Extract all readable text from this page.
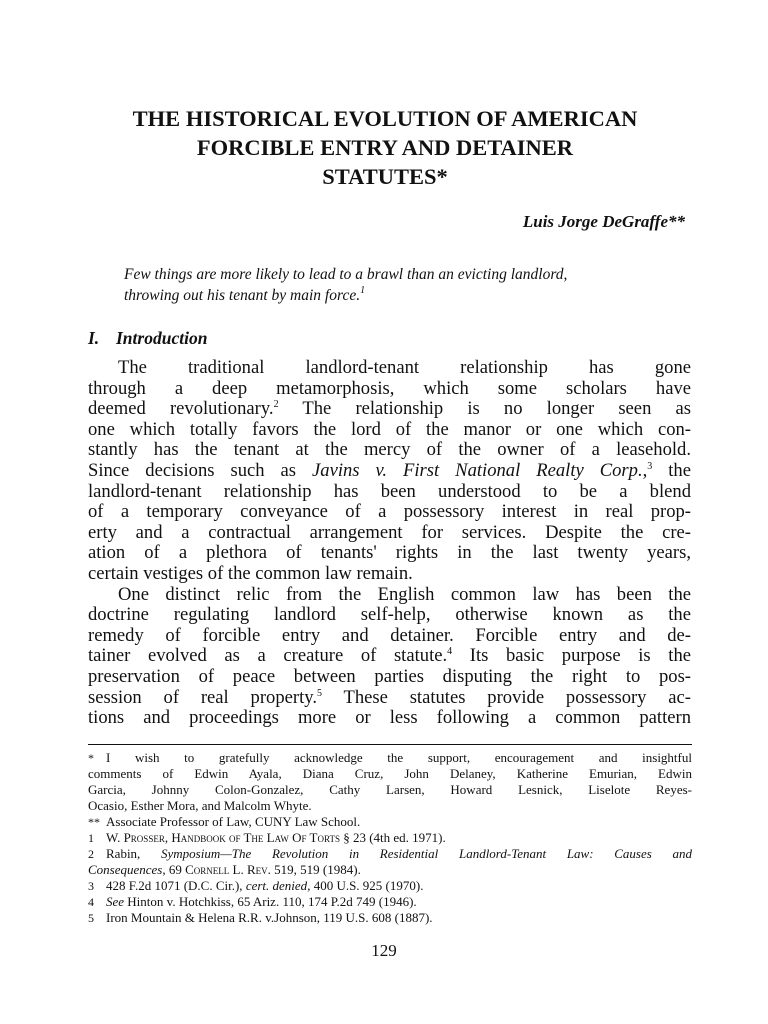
THE HISTORICAL EVOLUTION OF AMERICAN
FORCIBLE ENTRY AND DETAINER
STATUTES*
Luis Jorge DeGraffe**
Few things are more likely to lead to a brawl than an evicting landlord,
throwing out his tenant by main force.$^1$
I. Introduction
The traditional landlord-tenant relationship has gone
through a deep metamorphosis, which some scholars have
deemed revolutionary.$^2$ The relationship is no longer seen as
one which totally favors the lord of the manor or one which con-
stantly has the tenant at the mercy of the owner of a leasehold.
Since decisions such as Javins v. First National Realty Corp.,$^3$ the
landlord-tenant relationship has been understood to be a blend
of a temporary conveyance of a possessory interest in real prop-
erty and a contractual arrangement for services. Despite the cre-
ation of a plethora of tenants' rights in the last twenty years,
certain vestiges of the common law remain.
One distinct relic from the English common law has been the
doctrine regulating landlord self-help, otherwise known as the
remedy of forcible entry and detainer. Forcible entry and de-
tainer evolved as a creature of statute.$^4$ Its basic purpose is the
preservation of peace between parties disputing the right to pos-
session of real property.$^5$ These statutes provide possessory ac-
tions and proceedings more or less following a common pattern
* I wish to gratefully acknowledge the support, encouragement and insightful
comments of Edwin Ayala, Diana Cruz, John Delaney, Katherine Emurian, Edwin
Garcia, Johnny Colon-Gonzalez, Cathy Larsen, Howard Lesnick, Liselote Reyes-
Ocasio, Esther Mora, and Malcolm Whyte.
** Associate Professor of Law, CUNY Law School.
1 W. Prosser, Handbook of The Law Of Torts § 23 (4th ed. 1971).
2 Rabin, Symposium—The Revolution in Residential Landlord-Tenant Law: Causes and
Consequences, 69 Cornell L. Rev. 519, 519 (1984).
3 428 F.2d 1071 (D.C. Cir.), cert. denied, 400 U.S. 925 (1970).
4 See Hinton v. Hotchkiss, 65 Ariz. 110, 174 P.2d 749 (1946).
5 Iron Mountain & Helena R.R. v.Johnson, 119 U.S. 608 (1887).
129
